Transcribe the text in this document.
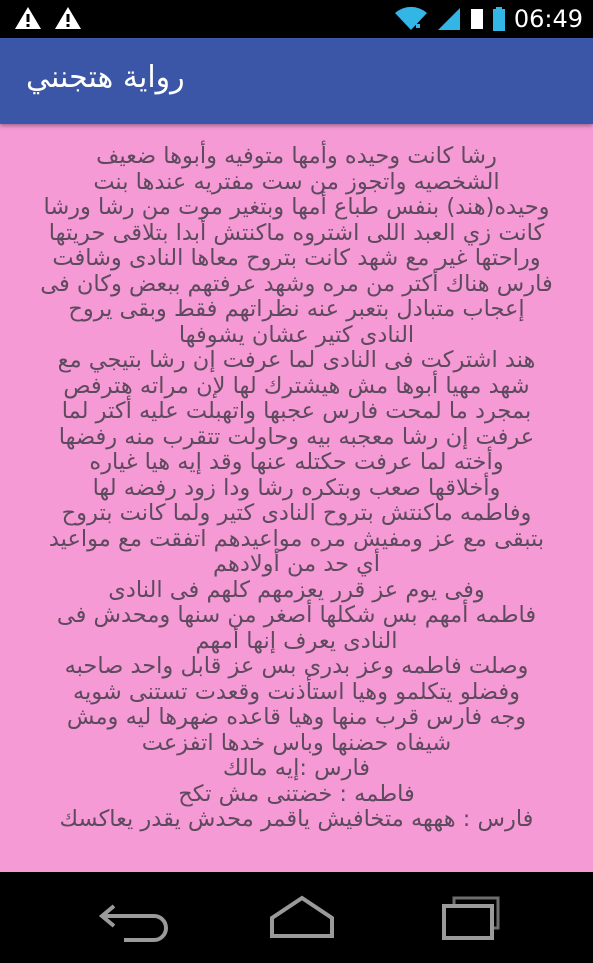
06:49
رواية هتجنني
رشا كانت وحيده وأمها متوفيه وأبوها ضعيف
الشخصيه واتجوز من ست مفتريه عندها بنت
وحيده(هند) بنفس طباع أمها وبتغير موت من رشا ورشا
كانت زي العبد اللى اشتروه ماكنتش أبدا بتلاقى حريتها
وراحتها غير مع شهد كانت بتروح معاها النادى وشافت
فارس هناك أكتر من مره وشهد عرفتهم ببعض وكان فى
إعجاب متبادل بتعبر عنه نظراتهم فقط وبقى يروح
النادى كتير عشان يشوفها
هند اشتركت فى النادى لما عرفت إن رشا بتيجي مع
شهد مهيا أبوها مش هيشترك لها لإن مراته هترفص
بمجرد ما لمحت فارس عجبها واتهبلت عليه أكتر لما
عرفت إن رشا معجبه بيه وحاولت تتقرب منه رفضها
وأخته لما عرفت حكتله عنها وقد إيه هيا غياره
وأخلاقها صعب وبتكره رشا ودا زود رفضه لها
وفاطمه ماكنتش بتروح النادى كتير ولما كانت بتروح
بتبقى مع عز ومفيش مره مواعيدهم اتفقت مع مواعيد
أي حد من أولادهم
وفى يوم عز قرر يعزمهم كلهم فى النادى
فاطمه أمهم بس شكلها أصغر من سنها ومحدش فى
النادى يعرف إنها أمهم
وصلت فاطمه وعز بدرى بس عز قابل واحد صاحبه
وفضلو يتكلمو وهيا استأذنت وقعدت تستنى شويه
وجه فارس قرب منها وهيا قاعده ضهرها ليه ومش
شيفاه حضنها وباس خدها اتفزعت
فارس :إيه مالك
فاطمه : خضتنى مش تكح
فارس : هههه متخافيش ياقمر محدش يقدر يعاكسك
